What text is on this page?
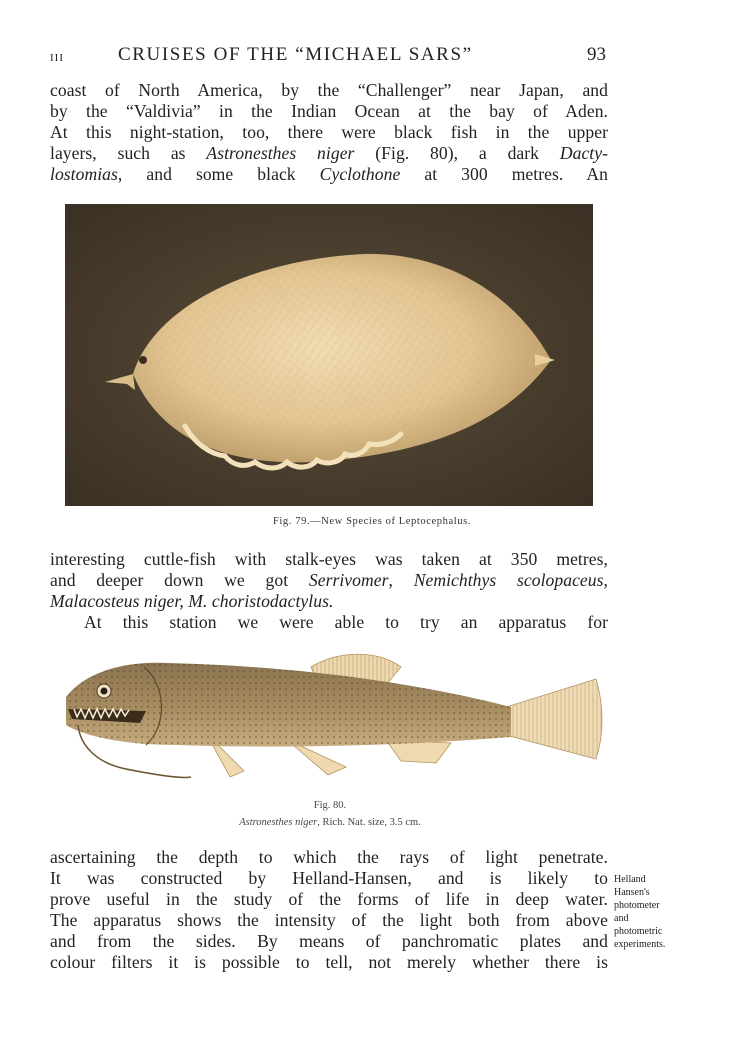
III	CRUISES OF THE “MICHAEL SARS”	93
coast of North America, by the “Challenger” near Japan, and
by the “Valdivia” in the Indian Ocean at the bay of Aden.
At this night-station, too, there were black fish in the upper
layers, such as Astronesthes niger (Fig. 80), a dark Dacty-
lostomias, and some black Cyclothone at 300 metres. An
Fig. 79.—New Species of Leptocephalus.
interesting cuttle-fish with stalk-eyes was taken at 350 metres,
and deeper down we got Serrivomer, Nemichthys scolopaceus,
Malacosteus niger, M. choristodactylus.
At this station we were able to try an apparatus for
Fig. 80.
Astronesthes niger, Rich. Nat. size, 3.5 cm.
ascertaining the depth to which the rays of light penetrate.
It was constructed by Helland-Hansen, and is likely to
prove useful in the study of the forms of life in deep water.
The apparatus shows the intensity of the light both from above
and from the sides. By means of panchromatic plates and
colour filters it is possible to tell, not merely whether there is
Helland
Hansen's
photometer
and
photometric
experiments.
